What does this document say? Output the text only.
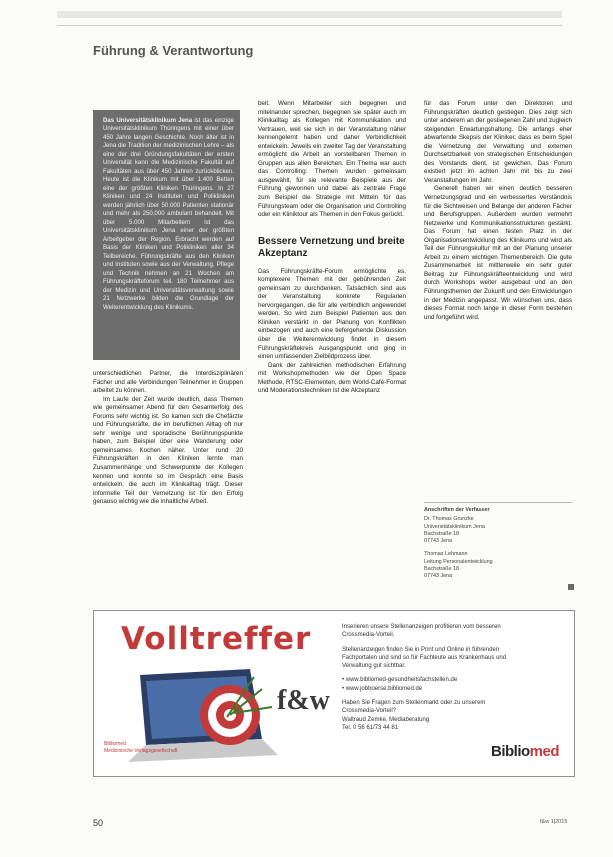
Führung & Verantwortung
Das Universitätsklinikum Jena ist das einzige Universitätsklinikum Thüringens mit einer über 450 Jahre langen Geschichte. Noch älter ist in Jena die Tradition der medizinischen Lehre – als eine der drei Gründungsfakultäten der ersten Universität kann die Medizinische Fakultät auf Fakultäten aus über 450 Jahren zurückblicken. Heute ist die Klinikum mit über 1.400 Betten eine der größten Kliniken Thüringens. In 27 Kliniken und 24 Instituten und Polikliniken werden jährlich über 50.000 Patienten stationär und mehr als 250.000 ambulant behandelt. Mit über 5.000 Mitarbeitern ist das Universitätsklinikum Jena einer der größten Arbeitgeber der Region. Erbracht werden auf Basis der Kliniken und Polikliniken aller 34 Teilbereiche. Führungskräfte aus den Kliniken und Instituten sowie aus der Verwaltung, Pflege und Technik nehmen an 21 Wochen am Führungskräfteforum teil. 180 Teilnehmer aus der Medizin und Universitätsverwaltung sowie 21 Netzwerke bilden die Grundlage der Weiterentwicklung des Klinikums.

unterschiedlichen Partner, die Interdisziplinären Fächer und alle Verbindungen Teilnehmer in Gruppen arbeitet zu können.

Im Laufe der Zeit wurde deutlich, dass Themen wie gemeinsamer Abend für den Gesamterfolg des Forums sehr wichtig ist. So kamen sich die Chefärzte und Führungskräfte, die im beruflichen Alltag oft nur sehr wenige und sporadische Berührungspunkte haben, zum Beispiel über eine Wanderung oder gemeinsames Kochen näher. Unter rund 20 Führungskräften in den Kliniken lernte man Zusammenhänge und Schwerpunkte der Kollegen kennen und konnte so im Gespräch eine Basis entwickeln, die auch im Klinikalltag trägt. Dieser informelle Teil der Vernetzung ist für den Erfolg genauso wichtig wie die inhaltliche Arbeit.

beit. Wenn Mitarbeiter sich begegnen und miteinander sprechen, begegnen sie später auch im Klinikalltag als Kollegen mit Kommunikation und Vertrauen, weil sie sich in der Veranstaltung näher kennengelernt haben und daher Verbindlichkeit entwickeln. Jeweils ein zweiter Tag der Veranstaltung ermöglicht die Arbeit an vorstellbaren Themen in Gruppen aus allen Bereichen. Ein Thema war auch das Controlling: Themen wurden gemeinsam ausgewählt, für sie relevante Beispiele aus der Führung gewonnen und dabei als zentrale Frage zum Beispiel die Strategie mit Mitteln für das Führungsteam oder die Organisation und Controlling oder ein Kliniktour als Themen in den Fokus gerückt.

Bessere Vernetzung und breite Akzeptanz

Das Führungskräfte-Forum ermöglichte es, komplexere Themen mit der gebührenden Zeit gemeinsam zu durchdenken. Tatsächlich sind aus der Veranstaltung konkrete Regularien hervorgegangen, die für alle verbindlich angewendet werden. So wird zum Beispiel Patienten aus den Kliniken verstärkt in der Planung von Konflikten einbezogen und auch eine tiefergehende Diskussion über die Weiterentwicklung findet in diesem Führungskräftekreis Ausgangspunkt und ging in einen umfassenden Zielbildprozess über.

Dank der zahlreichen methodischen Erfahrung mit Workshopmethoden wie der Open Space Methode, RTSC-Elementen, dem World-Café-Format und Moderationstechniken ist die Akzeptanz

für das Forum unter den Direktoren und Führungskräften deutlich gestiegen. Dies zeigt sich unter anderem an der gestiegenen Zahl und zugleich steigenden Erwartungshaltung. Die anfangs eher abwartende Skepsis der Kliniker, dass es beim Spiel die Vernetzung der Verwaltung und externen Durchsetzbarkeit von strategischen Entscheidungen des Vorstands dient, ist gewichen. Das Forum existiert jetzt im achten Jahr mit bis zu zwei Veranstaltungen im Jahr.

Generell haben wir einen deutlich besseren Vernetzungsgrad und ein verbessertes Verständnis für die Sichtweisen und Belange der anderen Fächer und Berufsgruppen. Außerdem wurden vermehrt Netzwerke und Kommunikationsstrukturen gestärkt. Das Forum hat einen festen Platz in der Organisationsentwicklung des Klinikums und wird als Teil der Führungskultur mit an der Planung unserer Arbeit zu einem wichtigen Themenbereich. Die gute Zusammenarbeit ist mittlerweile ein sehr guter Beitrag zur Führungskräfteentwicklung und wird durch Workshops weiter ausgebaut und an den Führungsthemen der Zukunft und den Entwicklungen in der Medizin angepasst. Wir wünschen uns, dass dieses Format noch lange in dieser Form bestehen und fortgeführt wird.

Anschriften der Verfasser

Dr. Thomas Grunzke
Universitätsklinikum Jena
Bachstraße 18
07743 Jena

Thomas Lehmann
Leitung Personalentwicklung
Bachstraße 18
07743 Jena

Volltreffer
f&w
Bibliomed
Medizinische Verlagsgesellschaft

Inserieren unsere Stellenanzeigen profitieren vom besseren Crossmedia-Vorteil.

Stellenanzeigen finden Sie in Print und Online in führenden Fachportalen und sind so für Fachleute aus Krankenhaus und Verwaltung gut sichtbar.

• www.bibliomed-gesundheitsfachstellen.de
• www.jobboerse.bibliomed.de

Haben Sie Fragen zum Stellenmarkt oder zu unserem Crossmedia-Vorteil?
Waltraud Zemke, Mediaberatung
Tel. 0 56 61/73 44 81

Bibliomed
50	f&w 1|2015
